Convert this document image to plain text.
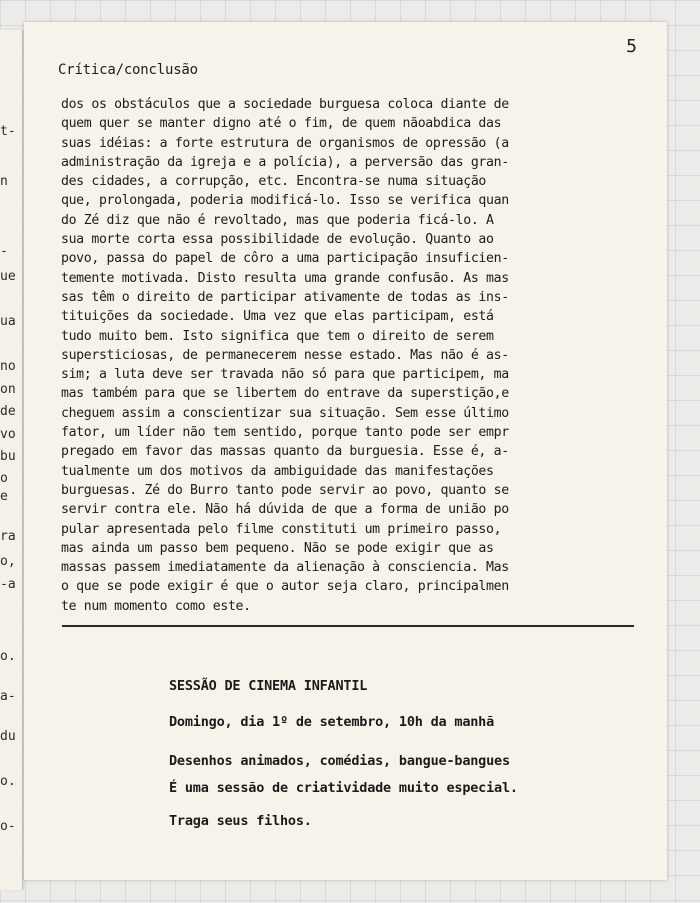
t-
n
-
ue
ua
no
on
de
vo
bu
o
e
ra
o,
-a
o.
a-
du
o.
o-
5
Crítica/conclusão
dos os obstáculos que a sociedade burguesa coloca diante de
quem quer se manter digno até o fim, de quem nãoabdica das
suas idéias: a forte estrutura de organismos de opressão (a
administração da igreja e a polícia), a perversão das gran-
des cidades, a corrupção, etc. Encontra-se numa situação
que, prolongada, poderia modificá-lo. Isso se verifica quan
do Zé diz que não é revoltado, mas que poderia ficá-lo. A
sua morte corta essa possibilidade de evolução. Quanto ao
povo, passa do papel de côro a uma participação insuficien-
temente motivada. Disto resulta uma grande confusão. As mas
sas têm o direito de participar ativamente de todas as ins-
tituições da sociedade. Uma vez que elas participam, está
tudo muito bem. Isto significa que tem o direito de serem
supersticiosas, de permanecerem nesse estado. Mas não é as-
sim; a luta deve ser travada não só para que participem, ma
mas também para que se libertem do entrave da superstição,e
cheguem assim a conscientizar sua situação. Sem esse último
fator, um líder não tem sentido, porque tanto pode ser empr
pregado em favor das massas quanto da burguesia. Esse é, a-
tualmente um dos motivos da ambiguidade das manifestações
burguesas. Zé do Burro tanto pode servir ao povo, quanto se
servir contra ele. Não há dúvida de que a forma de união po
pular apresentada pelo filme constituti um primeiro passo,
mas ainda um passo bem pequeno. Não se pode exigir que as
massas passem imediatamente da alienação à consciencia. Mas
o que se pode exigir é que o autor seja claro, principalmen
te num momento como este.
SESSÃO DE CINEMA INFANTIL
Domingo, dia 1º de setembro, 10h da manhã
Desenhos animados, comédias, bangue-bangues
É uma sessão de criatividade muito especial.
Traga seus filhos.
